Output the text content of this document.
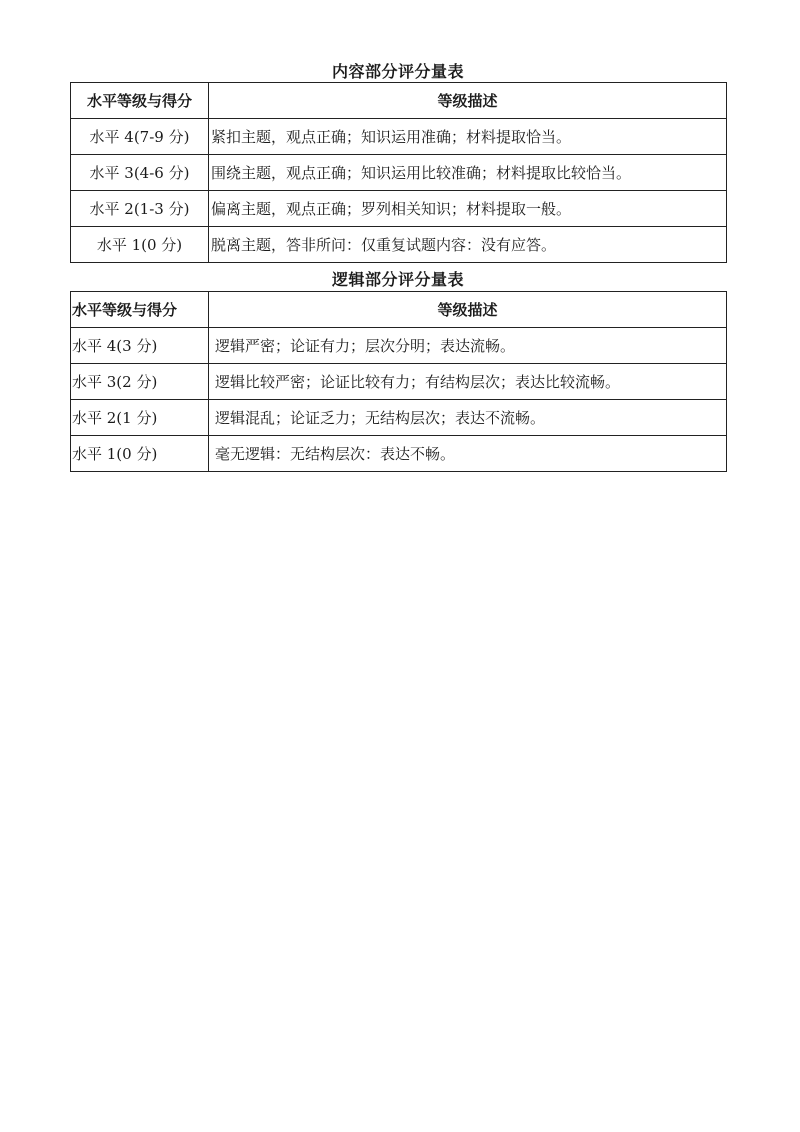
内容部分评分量表
水平等级与得分	等级描述
水平 4(7-9 分)	紧扣主题，观点正确；知识运用准确；材料提取恰当。
水平 3(4-6 分)	围绕主题，观点正确；知识运用比较准确；材料提取比较恰当。
水平 2(1-3 分)	偏离主题，观点正确；罗列相关知识；材料提取一般。
水平 1(0 分)	脱离主题，答非所问：仅重复试题内容：没有应答。
逻辑部分评分量表
水平等级与得分	等级描述
水平 4(3 分)	逻辑严密；论证有力；层次分明；表达流畅。
水平 3(2 分)	逻辑比较严密；论证比较有力；有结构层次；表达比较流畅。
水平 2(1 分)	逻辑混乱；论证乏力；无结构层次；表达不流畅。
水平 1(0 分)	毫无逻辑：无结构层次：表达不畅。
